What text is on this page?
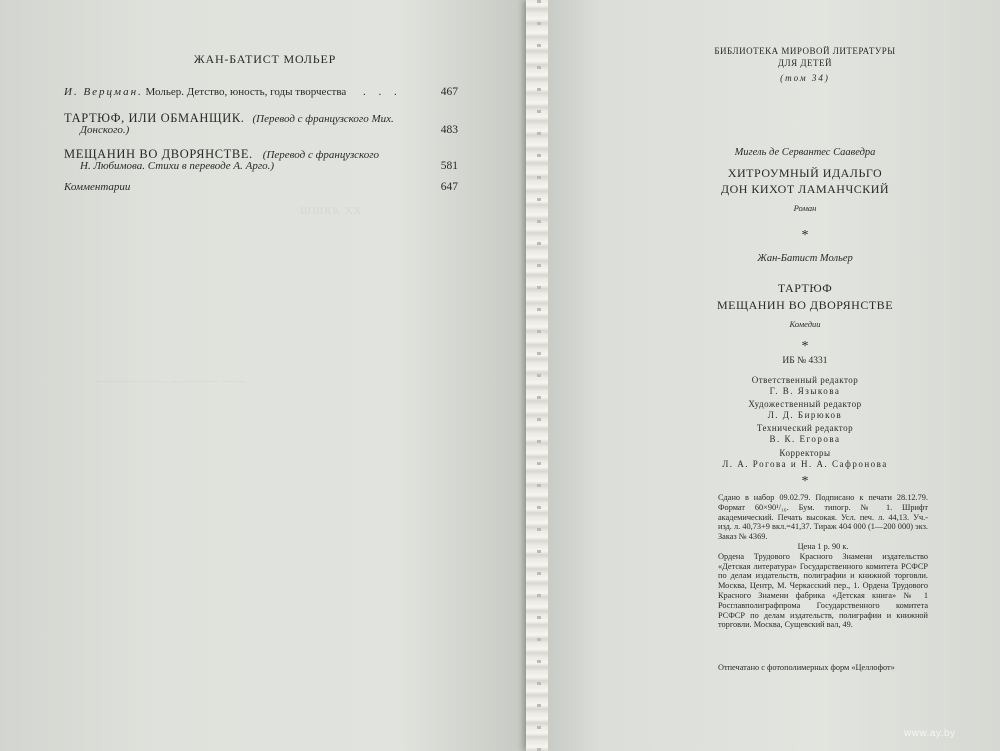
ШШКК ХХ
—————— ———— ——
ЖАН-БАТИСТ МОЛЬЕР
И. Верцман. Мольер. Детство, юность, годы творчества . . .	467
ТАРТЮФ, ИЛИ ОБМАНЩИК. (Перевод с французского Мих.
Донского.)	483
МЕЩАНИН ВО ДВОРЯНСТВЕ. (Перевод с французского
Н. Любимова. Стихи в переводе А. Арго.)	581
Комментарии	647
БИБЛИОТЕКА МИРОВОЙ ЛИТЕРАТУРЫ
ДЛЯ ДЕТЕЙ
(том 34)
Мигель де Сервантес Сааведра
ХИТРОУМНЫЙ ИДАЛЬГО
ДОН КИХОТ ЛАМАНЧСКИЙ
Роман
*
Жан-Батист Мольер
ТАРТЮФ
МЕЩАНИН ВО ДВОРЯНСТВЕ
Комедии
*
ИБ № 4331
Ответственный редактор
Г. В. Языкова
Художественный редактор
Л. Д. Бирюков
Технический редактор
В. К. Егорова
Корректоры
Л. А. Рогова и Н. А. Сафронова
*

Сдано в набор 09.02.79. Подписано к печати 28.12.79. Формат 60×90¹/₁₆. Бум. типогр. № 1. Шрифт академический. Печать высокая. Усл. печ. л. 44,13. Уч.-изд. л. 40,73+9 вкл.=41,37. Тираж 404 000 (1—200 000) экз. Заказ № 4369.

Цена 1 р. 90 к.

Ордена Трудового Красного Знамени издательство «Детская литература» Государственного комитета РСФСР по делам издательств, полиграфии и книжной торговли. Москва, Центр, М. Черкасский пер., 1. Ордена Трудового Красного Знамени фабрика «Детская книга» № 1 Росглавполиграфпрома Государственного комитета РСФСР по делам издательств, полиграфии и книжной торговли. Москва, Сущевский вал, 49.

Отпечатано с фотополимерных форм «Целлофот»
www.ay.by
